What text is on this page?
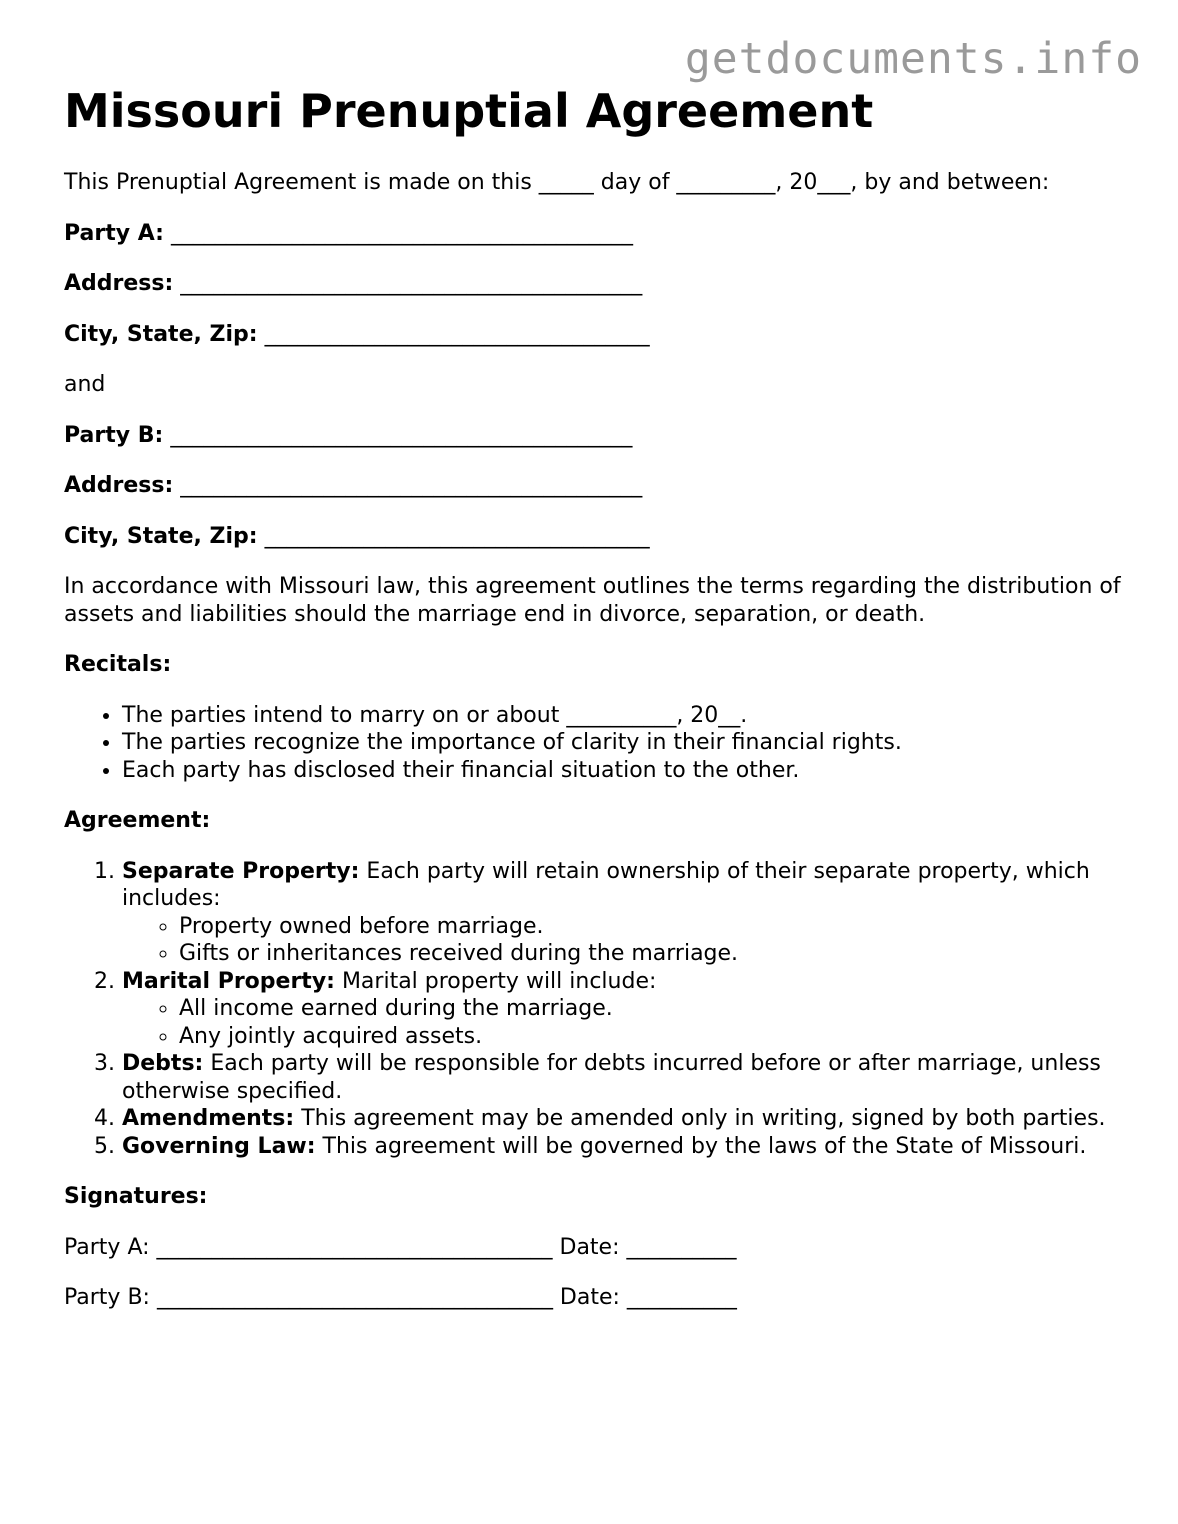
getdocuments.info
Missouri Prenuptial Agreement

This Prenuptial Agreement is made on this _____ day of _________, 20___, by and between:

Party A: __________________________________________

Address: __________________________________________

City, State, Zip: ___________________________________

and

Party B: __________________________________________

Address: __________________________________________

City, State, Zip: ___________________________________

In accordance with Missouri law, this agreement outlines the terms regarding the distribution of assets and liabilities should the marriage end in divorce, separation, or death.

Recitals:

• The parties intend to marry on or about __________, 20__.
• The parties recognize the importance of clarity in their financial rights.
• Each party has disclosed their financial situation to the other.

Agreement:

1. Separate Property: Each party will retain ownership of their separate property, which includes:
◦ Property owned before marriage.
◦ Gifts or inheritances received during the marriage.
2. Marital Property: Marital property will include:
◦ All income earned during the marriage.
◦ Any jointly acquired assets.
3. Debts: Each party will be responsible for debts incurred before or after marriage, unless otherwise specified.
4. Amendments: This agreement may be amended only in writing, signed by both parties.
5. Governing Law: This agreement will be governed by the laws of the State of Missouri.

Signatures:

Party A: ____________________________________ Date: __________

Party B: ____________________________________ Date: __________
